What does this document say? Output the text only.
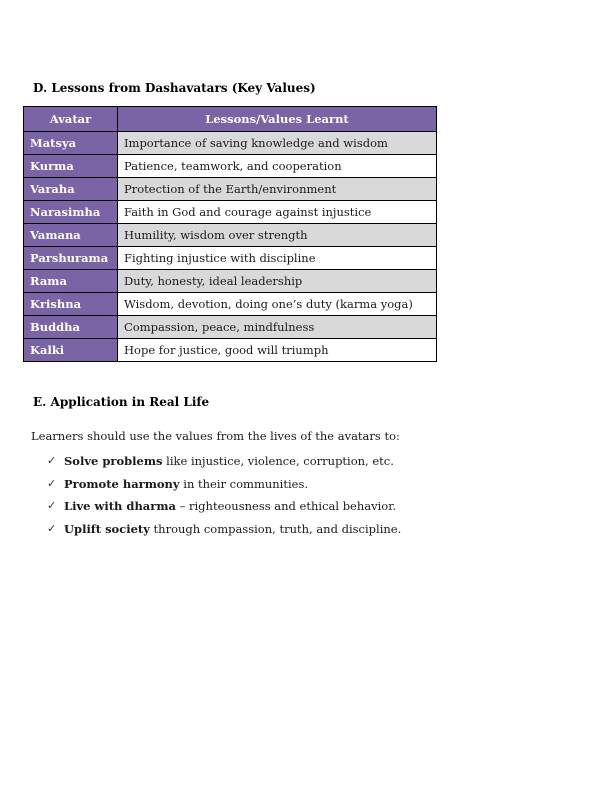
D. Lessons from Dashavatars (Key Values)
Avatar	Lessons/Values Learnt
Matsya	Importance of saving knowledge and wisdom
Kurma	Patience, teamwork, and cooperation
Varaha	Protection of the Earth/environment
Narasimha	Faith in God and courage against injustice
Vamana	Humility, wisdom over strength
Parshurama	Fighting injustice with discipline
Rama	Duty, honesty, ideal leadership
Krishna	Wisdom, devotion, doing one’s duty (karma yoga)
Buddha	Compassion, peace, mindfulness
Kalki	Hope for justice, good will triumph
E. Application in Real Life

Learners should use the values from the lives of the avatars to:

✓ Solve problems like injustice, violence, corruption, etc.
✓ Promote harmony in their communities.
✓ Live with dharma – righteousness and ethical behavior.
✓ Uplift society through compassion, truth, and discipline.
